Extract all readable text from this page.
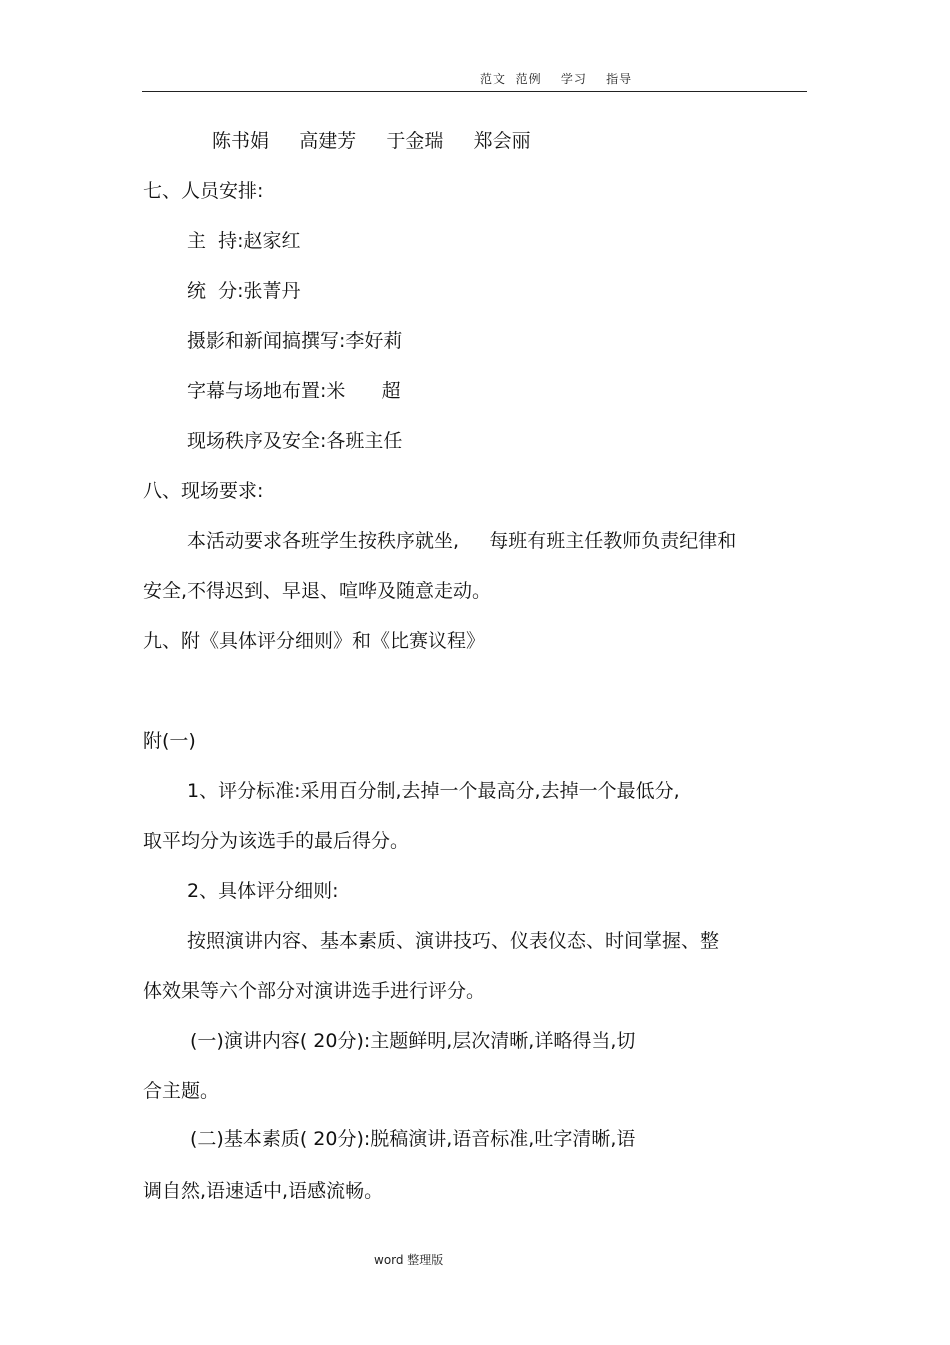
范文  范例    学习    指导
陈书娟     高建芳     于金瑞     郑会丽
七、人员安排:
主  持:赵家红
统  分:张菁丹
摄影和新闻搞撰写:李好莉
字幕与场地布置:米      超
现场秩序及安全:各班主任
八、现场要求:
本活动要求各班学生按秩序就坐,     每班有班主任教师负责纪律和
安全,不得迟到、早退、喧哗及随意走动。
九、附《具体评分细则》和《比赛议程》
附(一)
1、评分标准:采用百分制,去掉一个最高分,去掉一个最低分,
取平均分为该选手的最后得分。
2、具体评分细则:
按照演讲内容、基本素质、演讲技巧、仪表仪态、时间掌握、整
体效果等六个部分对演讲选手进行评分。
(一)演讲内容( 20分):主题鲜明,层次清晰,详略得当,切
合主题。
(二)基本素质( 20分):脱稿演讲,语音标准,吐字清晰,语
调自然,语速适中,语感流畅。
word 整理版
